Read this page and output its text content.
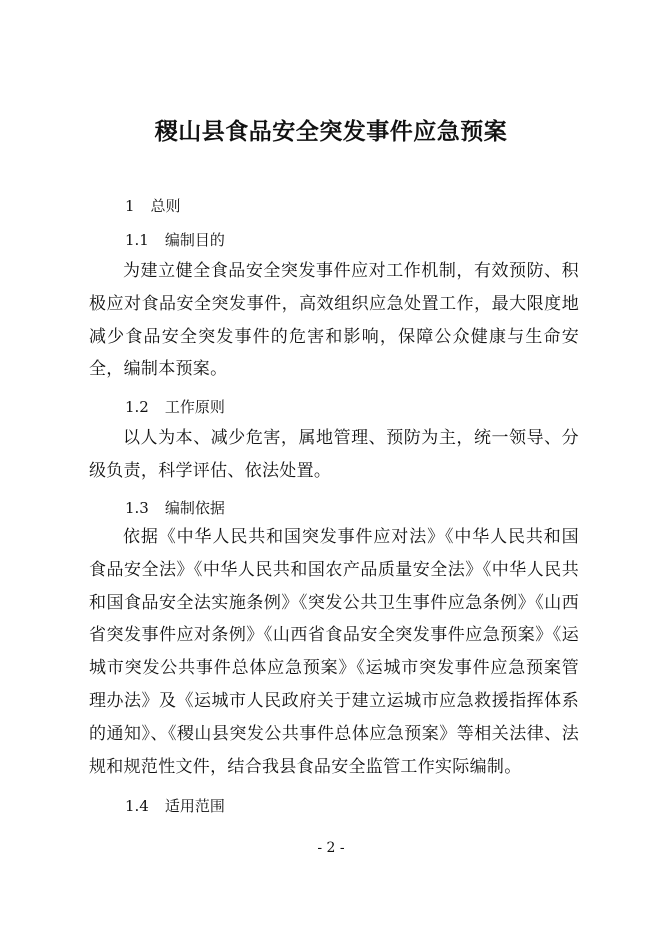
稷山县食品安全突发事件应急预案
1 总则
1.1 编制目的
为建立健全食品安全突发事件应对工作机制，有效预防、积极应对食品安全突发事件，高效组织应急处置工作，最大限度地减少食品安全突发事件的危害和影响，保障公众健康与生命安全，编制本预案。
1.2 工作原则
以人为本、减少危害，属地管理、预防为主，统一领导、分级负责，科学评估、依法处置。
1.3 编制依据
依据《中华人民共和国突发事件应对法》《中华人民共和国食品安全法》《中华人民共和国农产品质量安全法》《中华人民共和国食品安全法实施条例》《突发公共卫生事件应急条例》《山西省突发事件应对条例》《山西省食品安全突发事件应急预案》《运城市突发公共事件总体应急预案》《运城市突发事件应急预案管理办法》及《运城市人民政府关于建立运城市应急救援指挥体系的通知》、《稷山县突发公共事件总体应急预案》等相关法律、法规和规范性文件，结合我县食品安全监管工作实际编制。
1.4 适用范围
- 2 -
